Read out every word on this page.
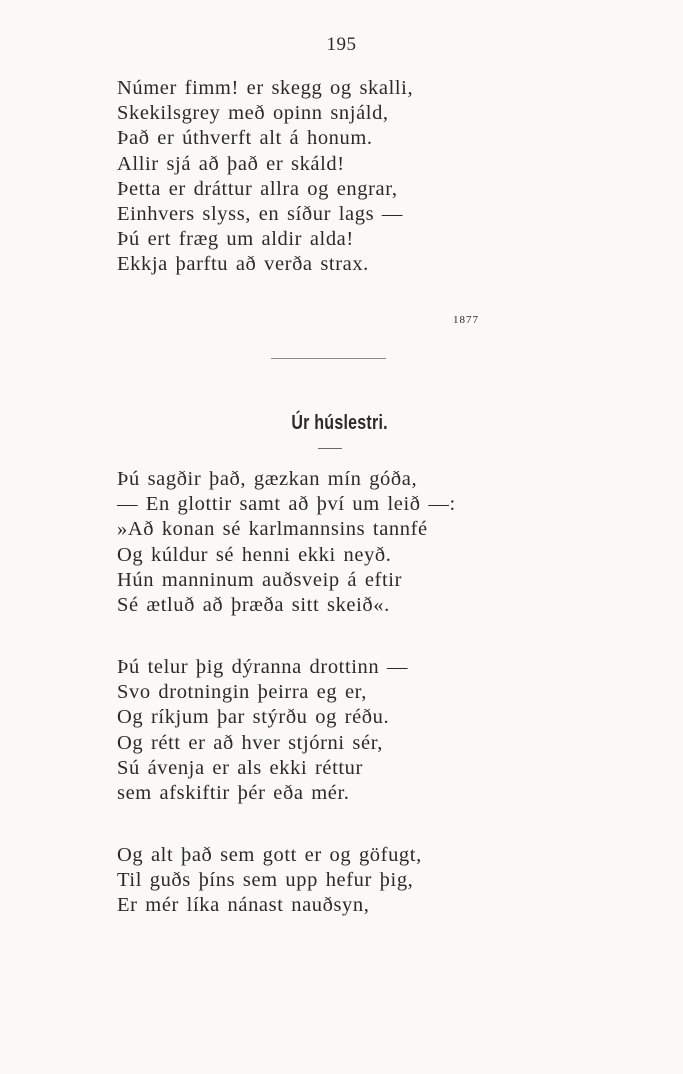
195
Númer fimm! er skegg og skalli,
Skekilsgrey með opinn snjáld,
Það er úthverft alt á honum.
Allir sjá að það er skáld!
Þetta er dráttur allra og engrar,
Einhvers slyss, en síður lags —
Þú ert fræg um aldir alda!
Ekkja þarftu að verða strax.
1877
Úr húslestri.
Þú sagðir það, gæzkan mín góða,
— En glottir samt að því um leið —:
»Að konan sé karlmannsins tannfé
Og kúldur sé henni ekki neyð.
Hún manninum auðsveip á eftir
Sé ætluð að þræða sitt skeið«.
Þú telur þig dýranna drottinn —
Svo drotningin þeirra eg er,
Og ríkjum þar stýrðu og réðu.
Og rétt er að hver stjórni sér,
Sú ávenja er als ekki réttur
sem afskiftir þér eða mér.
Og alt það sem gott er og göfugt,
Til guðs þíns sem upp hefur þig,
Er mér líka nánast nauðsyn,
